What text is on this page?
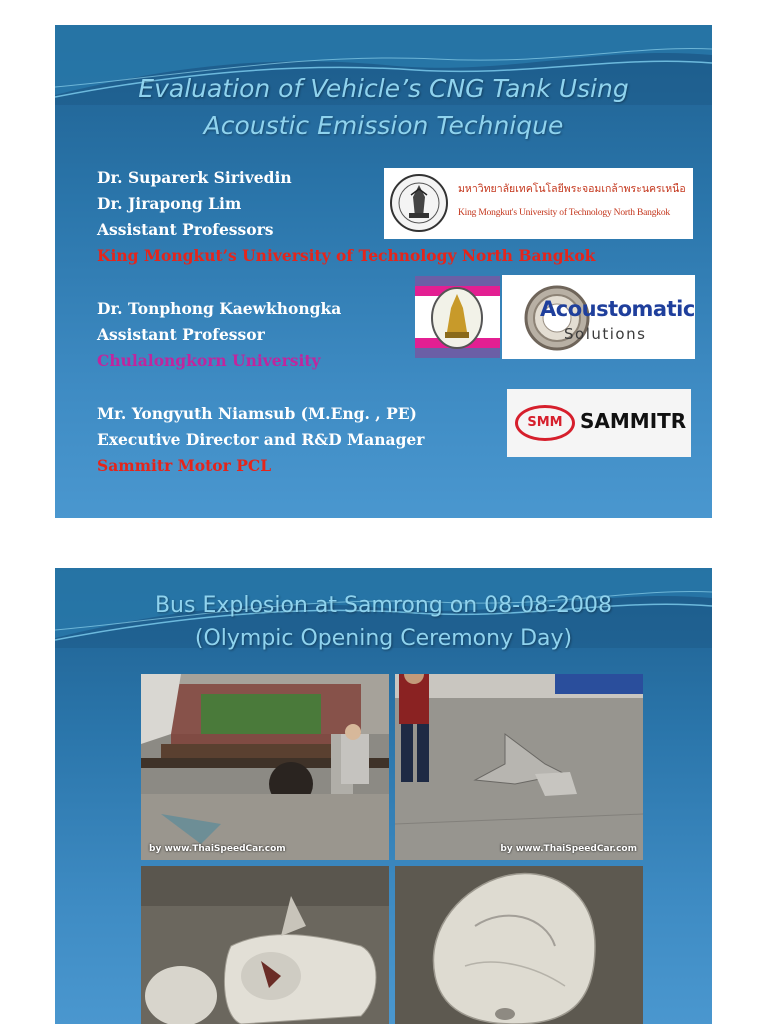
Evaluation of Vehicle’s CNG Tank Using
Acoustic Emission Technique
Dr. Suparerk Sirivedin
Dr. Jirapong Lim
Assistant Professors
King Mongkut’s University of Technology North Bangkok
Dr. Tonphong Kaewkhongka
Assistant Professor
Chulalongkorn University
Mr. Yongyuth Niamsub (M.Eng. , PE)
Executive Director and R&D Manager
Sammitr Motor PCL
มหาวิทยาลัยเทคโนโลยีพระจอมเกล้าพระนครเหนือ
King Mongkut's University of Technology North Bangkok
Acoustomatic
Solutions
SMM SAMMITR
Bus Explosion at Samrong on 08-08-2008
(Olympic Opening Ceremony Day)
by www.ThaiSpeedCar.com	by www.ThaiSpeedCar.com
